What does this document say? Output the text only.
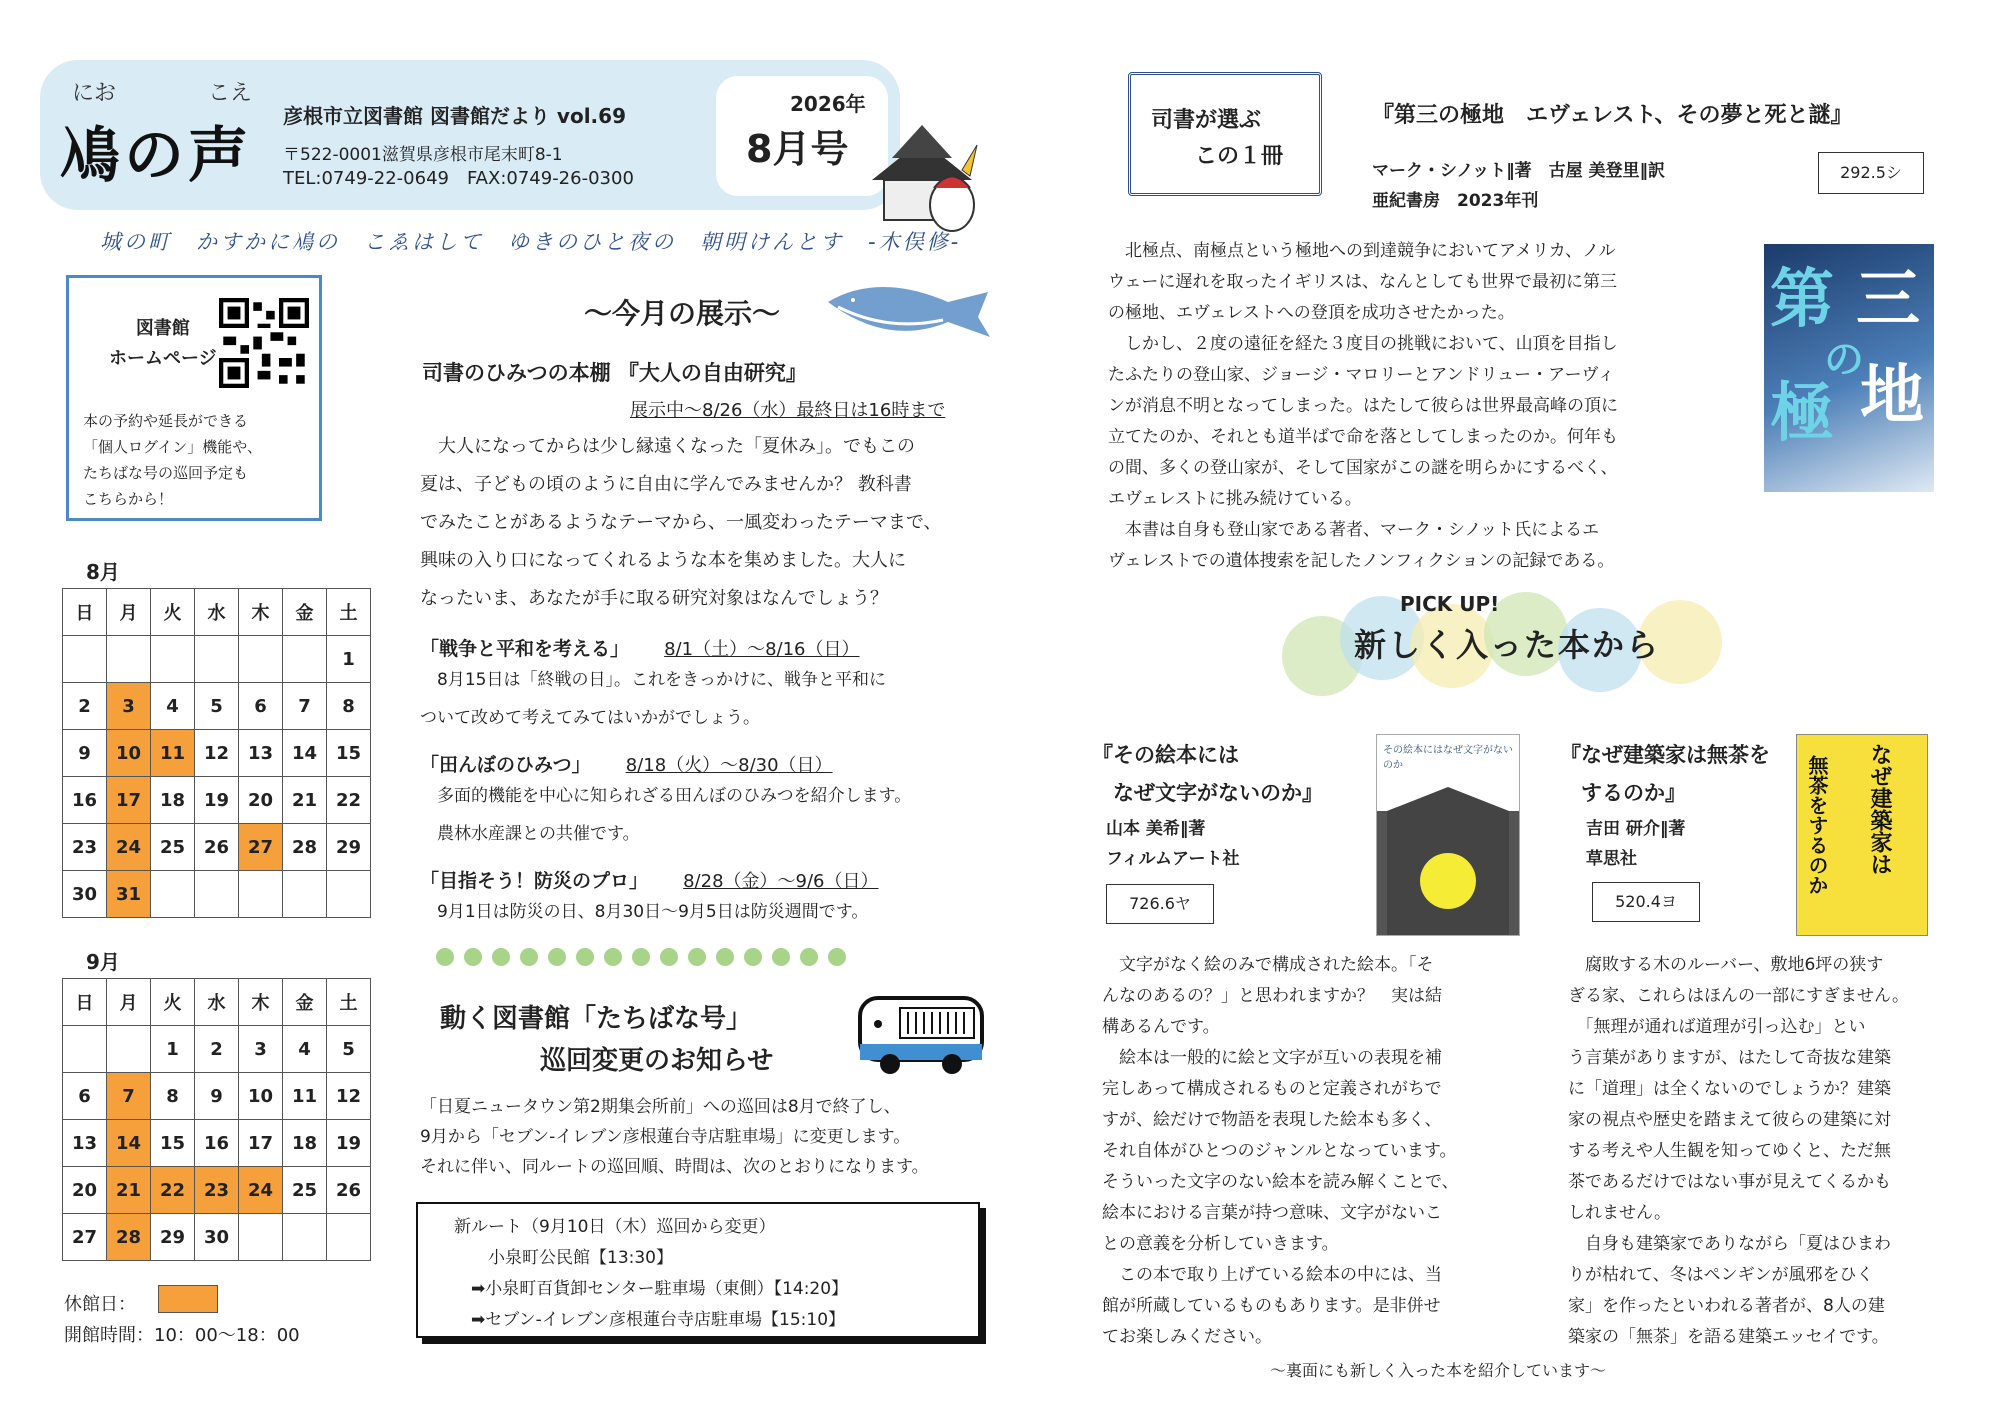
にお	こえ
鳰の声
彦根市立図書館 図書館だより vol.69
〒522-0001滋賀県彦根市尾末町8-1
TEL:0749-22-0649　FAX:0749-26-0300
2026年
8月号
城の町　かすかに鳰の　こゑはして　ゆきのひと夜の　朝明けんとす　-木俣修-
図書館
ホームページ
本の予約や延長ができる
「個人ログイン」機能や、
たちばな号の巡回予定も
こちらから！
8月
日	月	火	水	木	金	土
						1
2	3	4	5	6	7	8
9	10	11	12	13	14	15
16	17	18	19	20	21	22
23	24	25	26	27	28	29
30	31					
9月
日	月	火	水	木	金	土
		1	2	3	4	5
6	7	8	9	10	11	12
13	14	15	16	17	18	19
20	21	22	23	24	25	26
27	28	29	30			
休館日：
開館時間：10：00～18：00
～今月の展示～
司書のひみつの本棚 『大人の自由研究』
展示中～8/26（水）最終日は16時まで

　大人になってからは少し縁遠くなった「夏休み」。でもこの

夏は、子どもの頃のように自由に学んでみませんか？ 教科書

でみたことがあるようなテーマから、一風変わったテーマまで、

興味の入り口になってくれるような本を集めました。大人に

なったいま、あなたが手に取る研究対象はなんでしょう？

「戦争と平和を考える」 8/1（土）～8/16（日）

　8月15日は「終戦の日」。これをきっかけに、戦争と平和に

ついて改めて考えてみてはいかがでしょう。

「田んぼのひみつ」 8/18（火）～8/30（日）

　多面的機能を中心に知られざる田んぼのひみつを紹介します。

　農林水産課との共催です。

「目指そう！防災のプロ」 8/28（金）～9/6（日）

　9月1日は防災の日、8月30日～9月5日は防災週間です。

動く図書館「たちばな号」
巡回変更のお知らせ

「日夏ニュータウン第2期集会所前」への巡回は8月で終了し、

9月から「セブン-イレブン彦根蓮台寺店駐車場」に変更します。

それに伴い、同ルートの巡回順、時間は、次のとおりになります。

新ルート（9月10日（木）巡回から変更）

　　小泉町公民館【13:30】

　➡小泉町百貨卸センター駐車場（東側）【14:20】

　➡セブン-イレブン彦根蓮台寺店駐車場【15:10】

司書が選ぶ
この１冊
『第三の極地　エヴェレスト、その夢と死と謎』
マーク・シノット‖著　古屋 美登里‖訳
亜紀書房　2023年刊
292.5シ

　北極点、南極点という極地への到達競争においてアメリカ、ノル

ウェーに遅れを取ったイギリスは、なんとしても世界で最初に第三

の極地、エヴェレストへの登頂を成功させたかった。

　しかし、２度の遠征を経た３度目の挑戦において、山頂を目指し

たふたりの登山家、ジョージ・マロリーとアンドリュー・アーヴィ

ンが消息不明となってしまった。はたして彼らは世界最高峰の頂に

立てたのか、それとも道半ばで命を落としてしまったのか。何年も

の間、多くの登山家が、そして国家がこの謎を明らかにするべく、

エヴェレストに挑み続けている。

　本書は自身も登山家である著者、マーク・シノット氏によるエ

ヴェレストでの遺体捜索を記したノンフィクションの記録である。

第 三
の
極 地
PICK UP!
新しく入った本から
『その絵本には
　なぜ文字がないのか』
山本 美希‖著
フィルムアート社
726.6ヤ
その絵本にはなぜ文字がないのか

　文字がなく絵のみで構成された絵本。「そ

んなのあるの？」と思われますか？　実は結

構あるんです。

　絵本は一般的に絵と文字が互いの表現を補

完しあって構成されるものと定義されがちで

すが、絵だけで物語を表現した絵本も多く、

それ自体がひとつのジャンルとなっています。

そういった文字のない絵本を読み解くことで、

絵本における言葉が持つ意味、文字がないこ

との意義を分析していきます。

　この本で取り上げている絵本の中には、当

館が所蔵しているものもあります。是非併せ

てお楽しみください。

『なぜ建築家は無茶を
　するのか』
吉田 研介‖著
草思社
520.4ヨ
なぜ建築家は
無茶をするのか

　腐敗する木のルーバー、敷地6坪の狭す

ぎる家、これらはほんの一部にすぎません。

　「無理が通れば道理が引っ込む」とい

う言葉がありますが、はたして奇抜な建築

に「道理」は全くないのでしょうか？建築

家の視点や歴史を踏まえて彼らの建築に対

する考えや人生観を知ってゆくと、ただ無

茶であるだけではない事が見えてくるかも

しれません。

　自身も建築家でありながら「夏はひまわ

りが枯れて、冬はペンギンが風邪をひく

家」を作ったといわれる著者が、8人の建

築家の「無茶」を語る建築エッセイです。

～裏面にも新しく入った本を紹介しています～
